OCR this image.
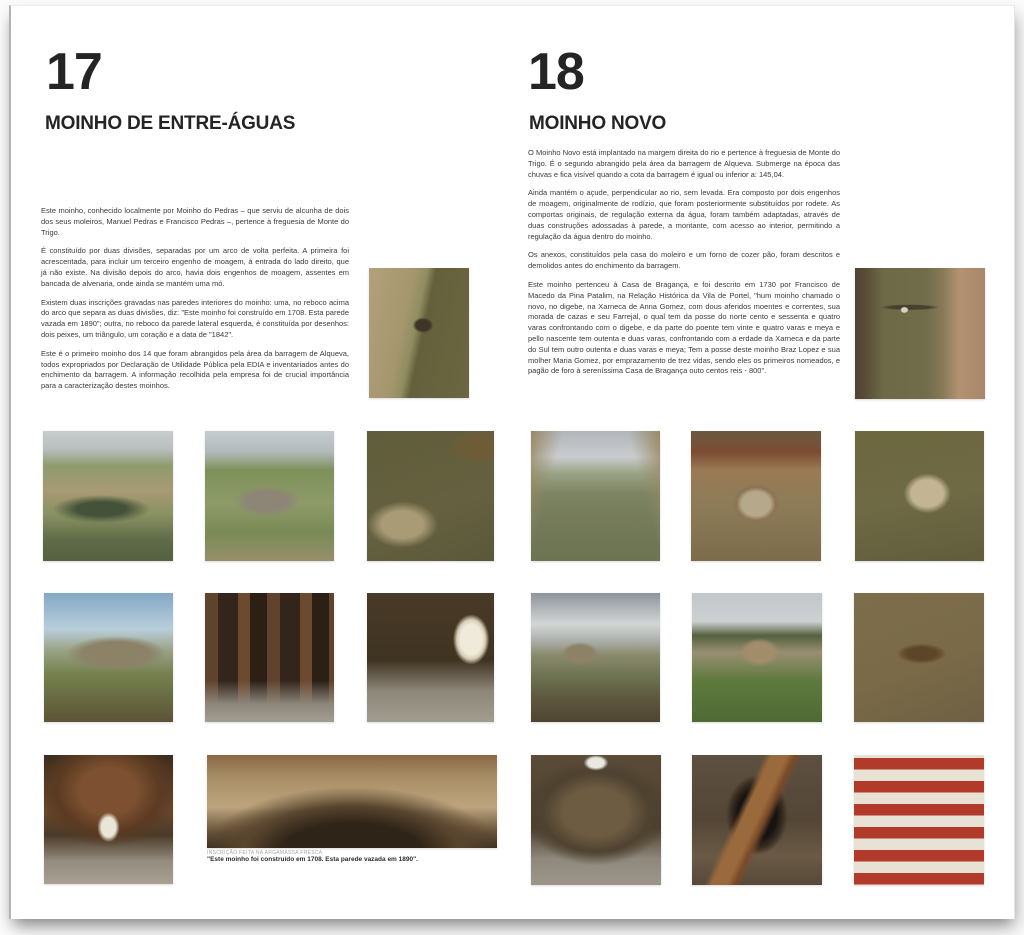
17
MOINHO DE ENTRE-ÁGUAS

Este moinho, conhecido localmente por Moinho do Pedras – que serviu de alcunha de dois dos seus moleiros, Manuel Pedras e Francisco Pedras –, pertence à freguesia de Monte do Trigo.

É constituído por duas divisões, separadas por um arco de volta perfeita. A primeira foi acrescentada, para incluir um terceiro engenho de moagem, à entrada do lado direito, que já não existe. Na divisão depois do arco, havia dois engenhos de moagem, assentes em bancada de alvenaria, onde ainda se mantém uma mó.

Existem duas inscrições gravadas nas paredes interiores do moinho: uma, no reboco acima do arco que separa as duas divisões, diz: "Este moinho foi construído em 1708. Esta parede vazada em 1890"; outra, no reboco da parede lateral esquerda, é constituída por desenhos: dois peixes, um triângulo, um coração e a data de "1842".

Este é o primeiro moinho dos 14 que foram abrangidos pela área da barragem de Alqueva, todos expropriados por Declaração de Utilidade Pública pela EDIA e inventariados antes do enchimento da barragem. A informação recolhida pela empresa foi de crucial importância para a caracterização destes moinhos.

INSCRIÇÃO FEITA NA ARGAMASSA FRESCA
"Este moinho foi construído em 1708. Esta parede vazada em 1890".
18
MOINHO NOVO

O Moinho Novo está implantado na margem direita do rio e pertence à freguesia de Monte do Trigo. É o segundo abrangido pela área da barragem de Alqueva. Submerge na época das chuvas e fica visível quando a cota da barragem é igual ou inferior a: 145,04.

Ainda mantém o açude, perpendicular ao rio, sem levada. Era composto por dois engenhos de moagem, originalmente de rodízio, que foram posteriormente substituídos por rodete. As comportas originais, de regulação externa da água, foram também adaptadas, através de duas construções adossadas à parede, a montante, com acesso ao interior, permitindo a regulação da água dentro do moinho.

Os anexos, constituídos pela casa do moleiro e um forno de cozer pão, foram descritos e demolidos antes do enchimento da barragem.

Este moinho pertenceu à Casa de Bragança, e foi descrito em 1730 por Francisco de Macedo da Pina Patalim, na Relação Histórica da Vila de Portel, "hum moinho chamado o novo, no digebe, na Xarneca de Anna Gomez, com dous aferidos moentes e correntes, sua morada de cazas e seu Farrejal, o qual tem da posse do norte cento e sessenta e quatro varas confrontando com o digebe, e da parte do poente tem vinte e quatro varas e meya e pello nascente tem outenta e duas varas, confrontando com a erdade da Xarneca e da parte do Sul tem outro outenta e duas varas e meya; Tem a posse deste moinho Braz Lopez e sua molher Maria Gomez, por emprazamento de trez vidas, sendo eles os primeiros nomeados, e pagão de foro à sereníssima Casa de Bragança outo centos reis - 800".
